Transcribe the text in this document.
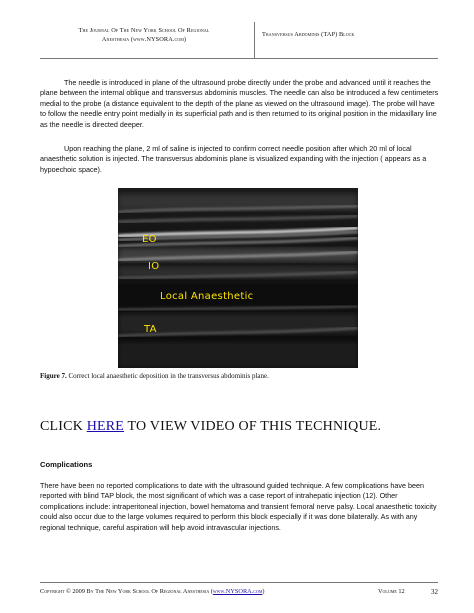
The Journal Of The New York School Of Regional
Anesthesia (www.NYSORA.com)
Transversus Abdominis (TAP) Block

The needle is introduced in plane of the ultrasound probe directly under the probe and advanced until it reaches the plane between the internal oblique and transversus abdominis muscles. The needle can also be introduced a few centimeters medial to the probe (a distance equivalent to the depth of the plane as viewed on the ultrasound image). The probe will have to follow the needle entry point medially in its superficial path and is then returned to its original position in the midaxillary line as the needle is directed deeper.

Upon reaching the plane, 2 ml of saline is injected to confirm correct needle position after which 20 ml of local anaesthetic solution is injected. The transversus abdominis plane is visualized expanding with the injection ( appears as a hypoechoic space).

EO
IO
Local Anaesthetic
TA
Figure 7. Correct local anaesthetic deposition in the transversus abdominis plane.
CLICK HERE TO VIEW VIDEO OF THIS TECHNIQUE.
Complications

There have been no reported complications to date with the ultrasound guided technique. A few complications have been reported with blind TAP block, the most significant of which was a case report of intrahepatic injection (12). Other complications include: intraperitoneal injection, bowel hematoma and transient femoral nerve palsy. Local anaesthetic toxicity could also occur due to the large volumes required to perform this block especially if it was done bilaterally. As with any regional technique, careful aspiration will help avoid intravascular injections.

Copyright © 2009 By The New York School Of Regional Anesthesia (www.NYSORA.com)	Volume 12	32
